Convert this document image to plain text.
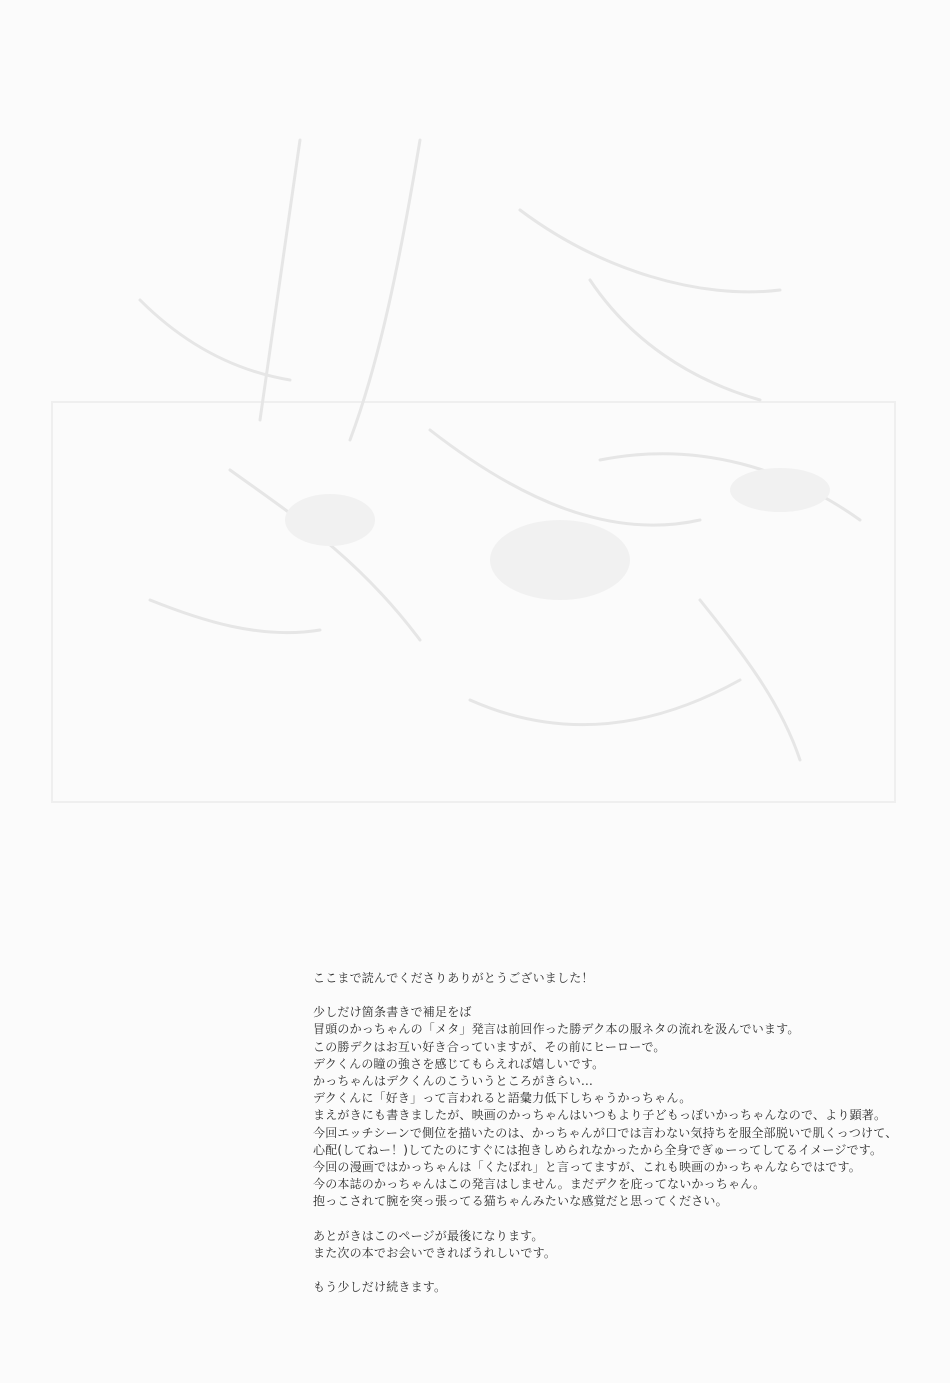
ここまで読んでくださりありがとうございました！

少しだけ箇条書きで補足をば

冒頭のかっちゃんの「メタ」発言は前回作った勝デク本の服ネタの流れを汲んでいます。

この勝デクはお互い好き合っていますが、その前にヒーローで。

デクくんの瞳の強さを感じてもらえれば嬉しいです。

かっちゃんはデクくんのこういうところがきらい…

デクくんに「好き」って言われると語彙力低下しちゃうかっちゃん。

まえがきにも書きましたが、映画のかっちゃんはいつもより子どもっぽいかっちゃんなので、より顕著。

今回エッチシーンで側位を描いたのは、かっちゃんが口では言わない気持ちを服全部脱いで肌くっつけて、

心配(してねー！)してたのにすぐには抱きしめられなかったから全身でぎゅーってしてるイメージです。

今回の漫画ではかっちゃんは「くたばれ」と言ってますが、これも映画のかっちゃんならではです。

今の本誌のかっちゃんはこの発言はしません。まだデクを庇ってないかっちゃん。

抱っこされて腕を突っ張ってる猫ちゃんみたいな感覚だと思ってください。

あとがきはこのページが最後になります。

また次の本でお会いできればうれしいです。

もう少しだけ続きます。
